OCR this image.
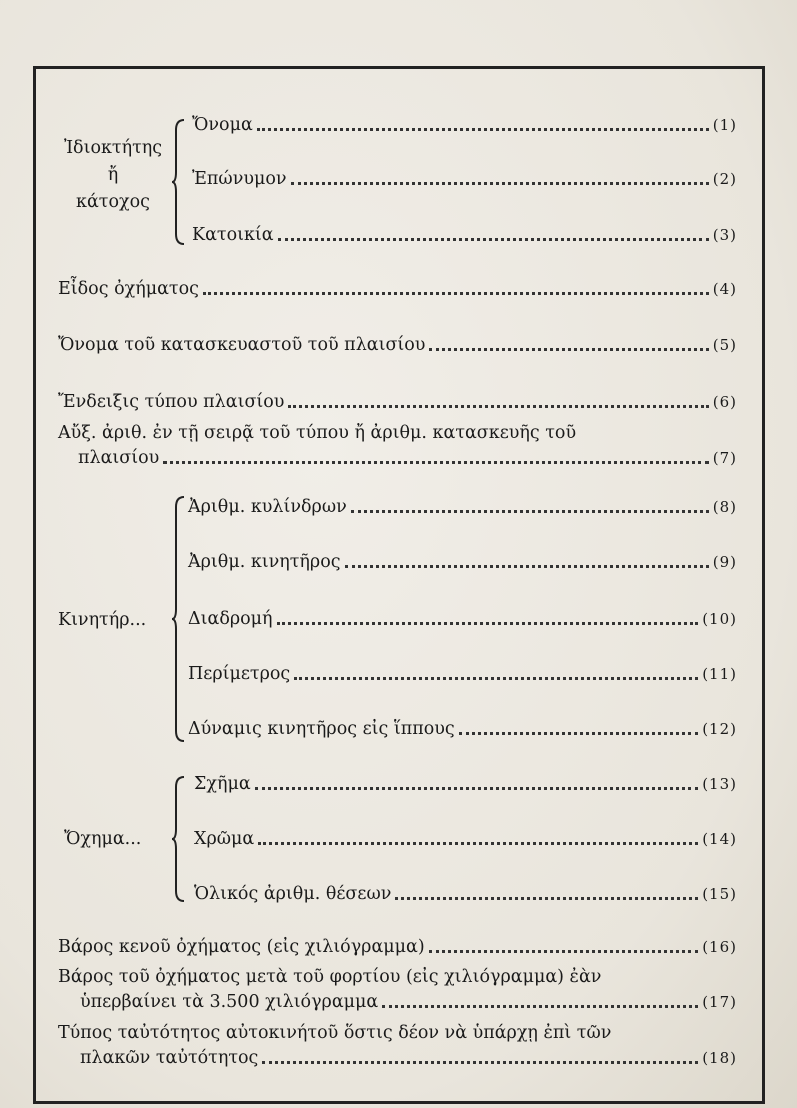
Ἰδιοκτήτης
ἤ
κάτοχος
Ὄνομα	(1)
Ἐπώνυμον	(2)
Κατοικία	(3)
Εἶδος ὀχήματος	(4)
Ὄνομα τοῦ κατασκευαστοῦ τοῦ πλαισίου	(5)
Ἔνδειξις τύπου πλαισίου	(6)
Αὔξ. ἀριθ. ἐν τῇ σειρᾷ τοῦ τύπου ἤ ἀριθμ. κατασκευῆς τοῦ
πλαισίου	(7)
Κινητήρ...
Ἀριθμ. κυλίνδρων	(8)
Ἀριθμ. κινητῆρος	(9)
Διαδρομή	(10)
Περίμετρος	(11)
Δύναμις κινητῆρος εἰς ἵππους	(12)
Ὄχημα...
Σχῆμα	(13)
Χρῶμα	(14)
Ὁλικός ἀριθμ. θέσεων	(15)
Βάρος κενοῦ ὀχήματος (εἰς χιλιόγραμμα)	(16)
Βάρος τοῦ ὀχήματος μετὰ τοῦ φορτίου (εἰς χιλιόγραμμα) ἐὰν
ὑπερβαίνει τὰ 3.500 χιλιόγραμμα	(17)
Τύπος ταὐτότητος αὐτοκινήτοῦ ὅστις δέον νὰ ὑπάρχῃ ἐπὶ τῶν
πλακῶν ταὐτότητος	(18)
